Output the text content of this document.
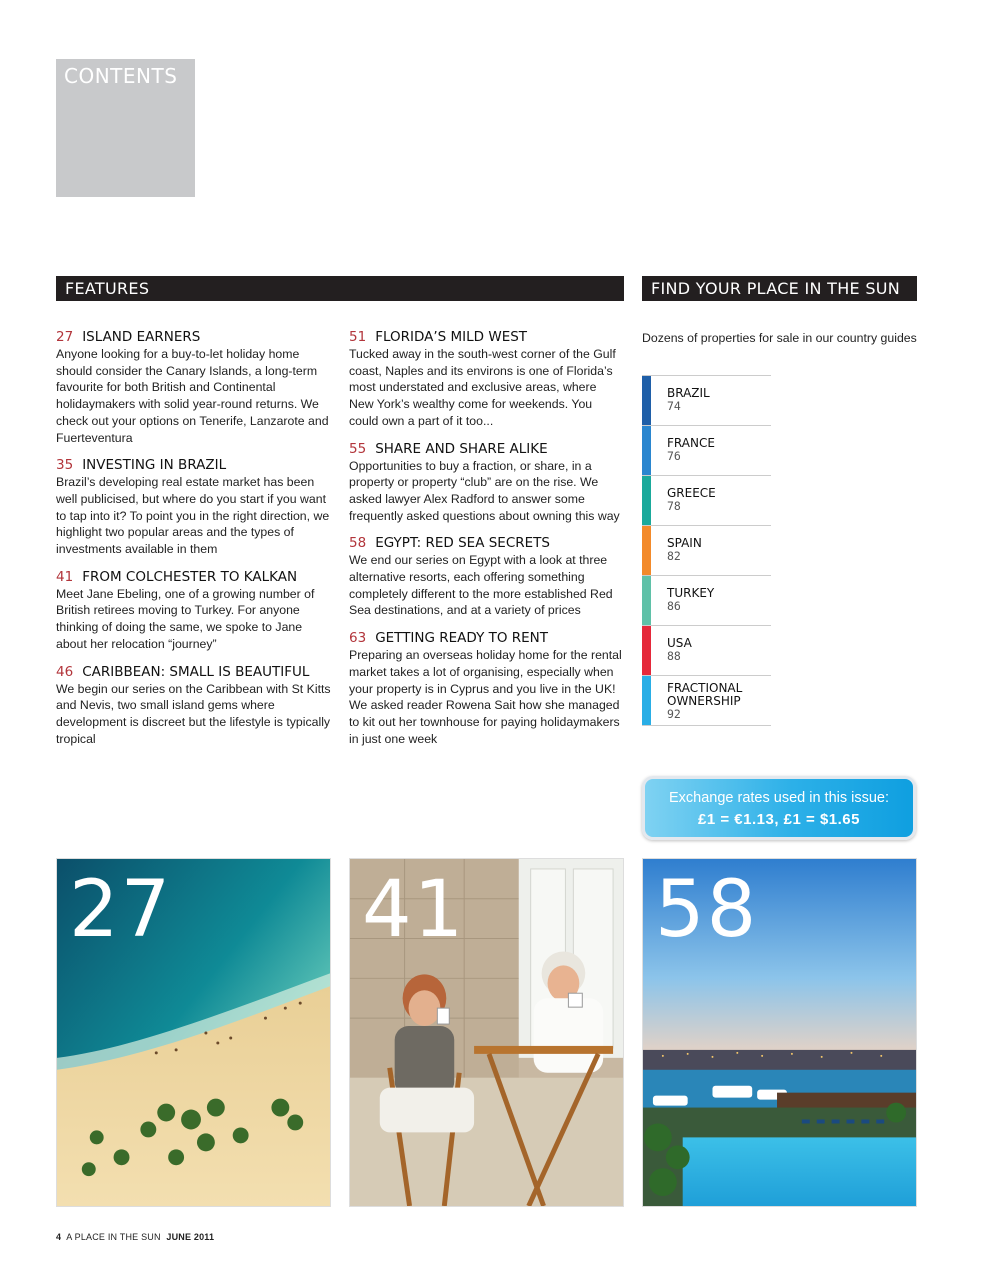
CONTENTS
FEATURES	FIND YOUR PLACE IN THE SUN
27 ISLAND EARNERS

Anyone looking for a buy-to-let holiday home should consider the Canary Islands, a long-term favourite for both British and Continental holidaymakers with solid year-round returns. We check out your options on Tenerife, Lanzarote and Fuerteventura

35 INVESTING IN BRAZIL

Brazil’s developing real estate market has been well publicised, but where do you start if you want to tap into it? To point you in the right direction, we highlight two popular areas and the types of investments available in them

41 FROM COLCHESTER TO KALKAN

Meet Jane Ebeling, one of a growing number of British retirees moving to Turkey. For anyone thinking of doing the same, we spoke to Jane about her relocation “journey”

46 CARIBBEAN: SMALL IS BEAUTIFUL

We begin our series on the Caribbean with St Kitts and Nevis, two small island gems where development is discreet but the lifestyle is typically tropical

51 FLORIDA’S MILD WEST

Tucked away in the south-west corner of the Gulf coast, Naples and its environs is one of Florida’s most understated and exclusive areas, where New York’s wealthy come for weekends. You could own a part of it too...

55 SHARE AND SHARE ALIKE

Opportunities to buy a fraction, or share, in a property or property “club” are on the rise. We asked lawyer Alex Radford to answer some frequently asked questions about owning this way

58 EGYPT: RED SEA SECRETS

We end our series on Egypt with a look at three alternative resorts, each offering something completely different to the more established Red Sea destinations, and at a variety of prices

63 GETTING READY TO RENT

Preparing an overseas holiday home for the rental market takes a lot of organising, especially when your property is in Cyprus and you live in the UK! We asked reader Rowena Sait how she managed to kit out her townhouse for paying holidaymakers in just one week

Dozens of properties for sale in our country guides

BRAZIL
74
FRANCE
76
GREECE
78
SPAIN
82
TURKEY
86
USA
88
FRACTIONAL OWNERSHIP
92
Exchange rates used in this issue:
£1 = €1.13, £1 = $1.65
27 41 58
4 A PLACE IN THE SUN JUNE 2011
